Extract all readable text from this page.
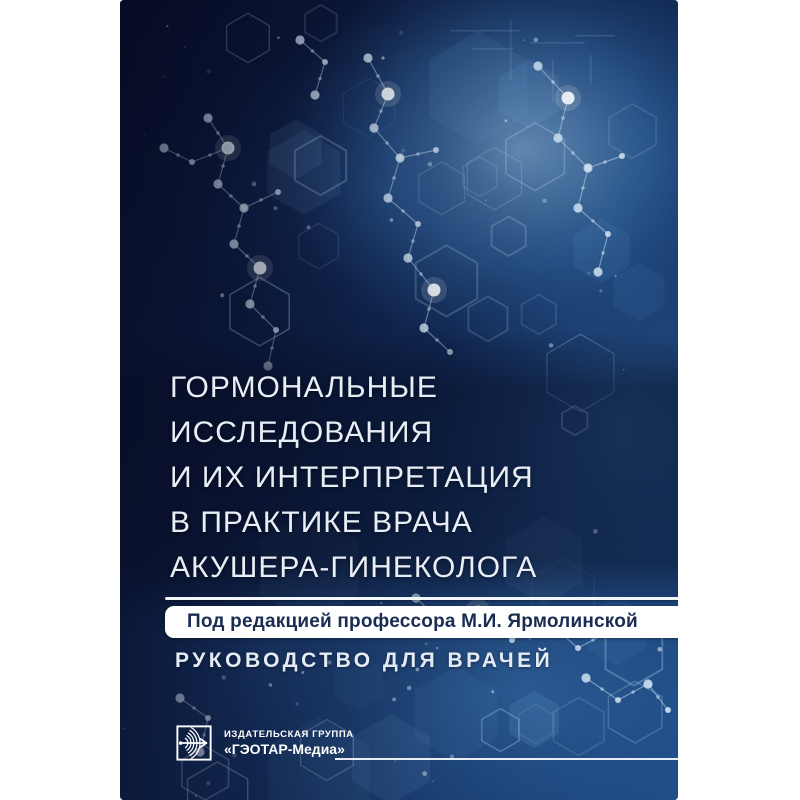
ГОРМОНАЛЬНЫЕ
ИССЛЕДОВАНИЯ
И ИХ ИНТЕРПРЕТАЦИЯ
В ПРАКТИКЕ ВРАЧА
АКУШЕРА-ГИНЕКОЛОГА
Под редакцией профессора М.И. Ярмолинской
РУКОВОДСТВО ДЛЯ ВРАЧЕЙ
ИЗДАТЕЛЬСКАЯ ГРУППА
«ГЭОТАР-Медиа»
